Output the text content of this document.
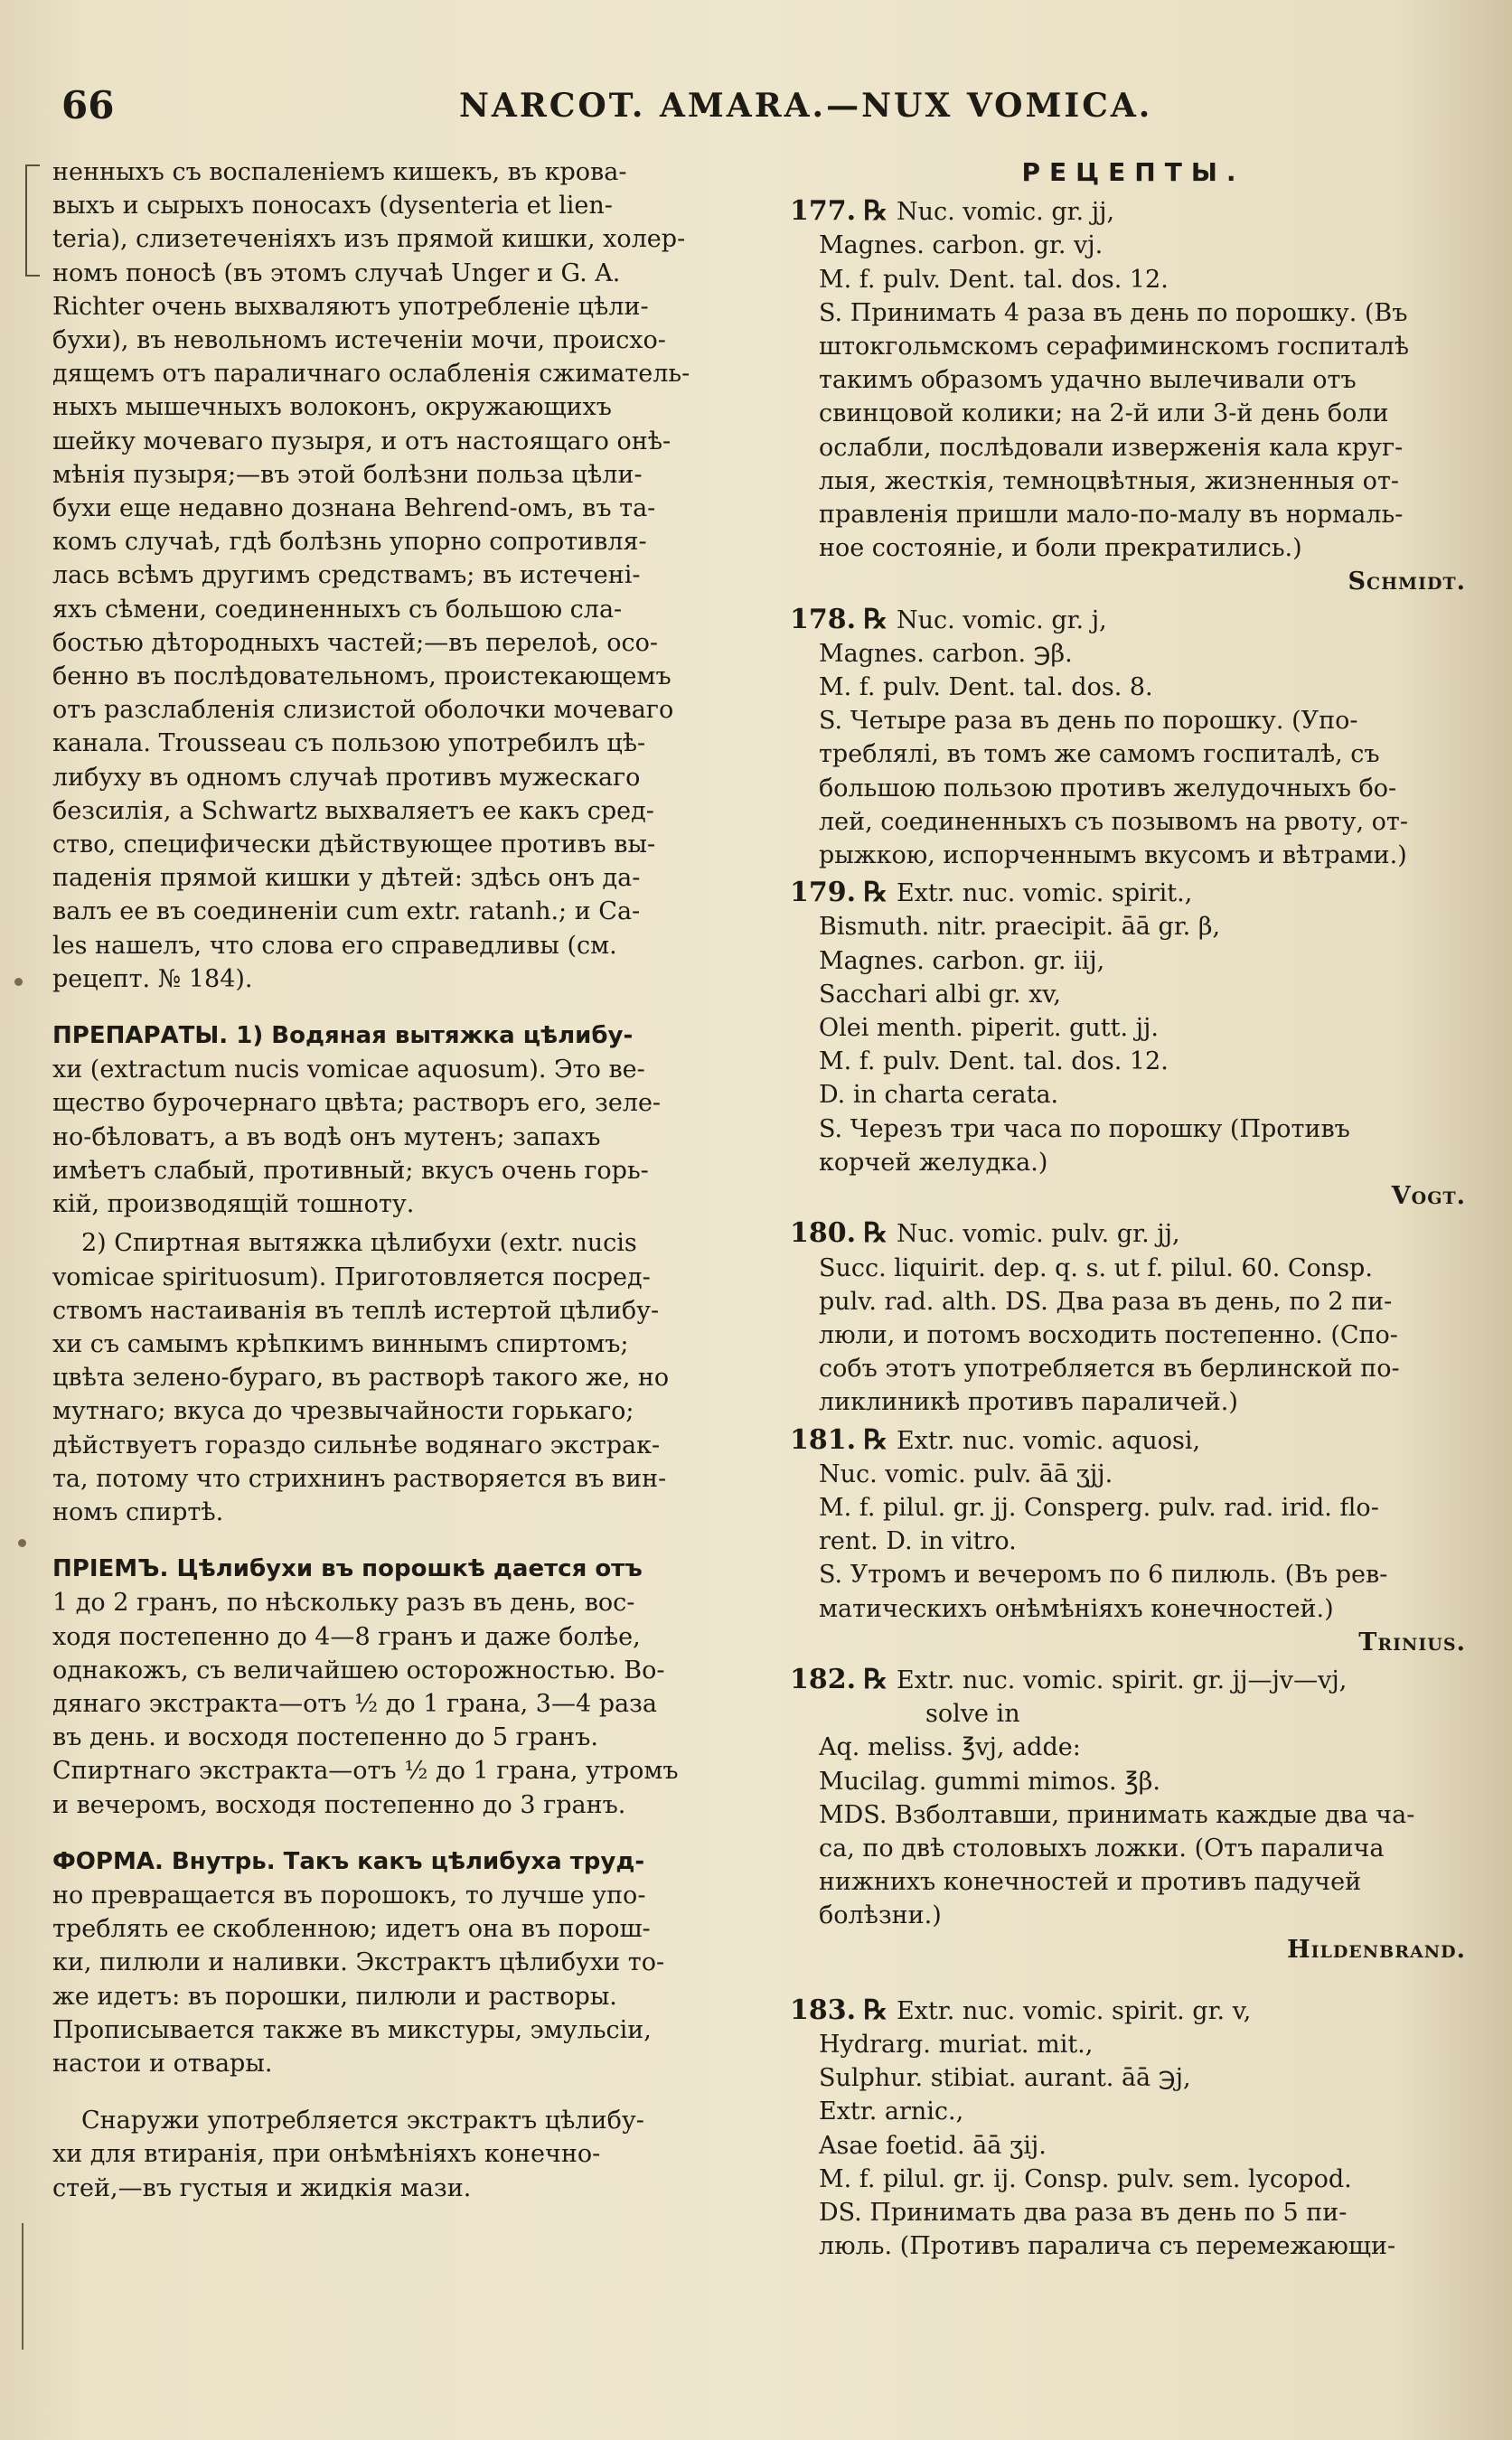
66	NARCOT. AMARA.—NUX VOMICA.
ненныхъ съ воспаленіемъ кишекъ, въ крова-
выхъ и сырыхъ поносахъ (dysenteria et lien-
teria), слизетеченіяхъ изъ прямой кишки, холер-
номъ поносѣ (въ этомъ случаѣ Unger и G. A.
Richter очень выхваляютъ употребленіе цѣли-
бухи), въ невольномъ истеченіи мочи, происхо-
дящемъ отъ параличнаго ослабленія сжиматель-
ныхъ мышечныхъ волоконъ, окружающихъ
шейку мочеваго пузыря, и отъ настоящаго онѣ-
мѣнія пузыря;—въ этой болѣзни польза цѣли-
бухи еще недавно дознана Behrend-омъ, въ та-
комъ случаѣ, гдѣ болѣзнь упорно сопротивля-
лась всѣмъ другимъ средствамъ; въ истечені-
яхъ сѣмени, соединенныхъ съ большою сла-
бостью дѣтородныхъ частей;—въ перелоѣ, осо-
бенно въ послѣдовательномъ, проистекающемъ
отъ разслабленія слизистой оболочки мочеваго
канала. Trousseau съ пользою употребилъ цѣ-
либуху въ одномъ случаѣ противъ мужескаго
безсилія, а Schwartz выхваляетъ ее какъ сред-
ство, специфически дѣйствующее противъ вы-
паденія прямой кишки у дѣтей: здѣсь онъ да-
валъ ее въ соединеніи cum extr. ratanh.; и Ca-
les нашелъ, что слова его справедливы (см.
рецепт. № 184).
ПРЕПАРАТЫ. 1) Водяная вытяжка цѣлибу-
хи (extractum nucis vomicae aquosum). Это ве-
щество бурочернаго цвѣта; растворъ его, зеле-
но-бѣловатъ, а въ водѣ онъ мутенъ; запахъ
имѣетъ слабый, противный; вкусъ очень горь-
кій, производящій тошноту.
2) Спиртная вытяжка цѣлибухи (extr. nucis
vomicae spirituosum). Приготовляется посред-
ствомъ настаиванія въ теплѣ истертой цѣлибу-
хи съ самымъ крѣпкимъ виннымъ спиртомъ;
цвѣта зелено-бураго, въ растворѣ такого же, но
мутнаго; вкуса до чрезвычайности горькаго;
дѣйствуетъ гораздо сильнѣе водянаго экстрак-
та, потому что стрихнинъ растворяется въ вин-
номъ спиртѣ.
ПРІЕМЪ. Цѣлибухи въ порошкѣ дается отъ
1 до 2 гранъ, по нѣскольку разъ въ день, вос-
ходя постепенно до 4—8 гранъ и даже болѣе,
однакожъ, съ величайшею осторожностью. Во-
дянаго экстракта—отъ ½ до 1 грана, 3—4 раза
въ день. и восходя постепенно до 5 гранъ.
Спиртнаго экстракта—отъ ½ до 1 грана, утромъ
и вечеромъ, восходя постепенно до 3 гранъ.
ФОРМА. Внутрь. Такъ какъ цѣлибуха труд-
но превращается въ порошокъ, то лучше упо-
треблять ее скобленною; идетъ она въ порош-
ки, пилюли и наливки. Экстрактъ цѣлибухи то-
же идетъ: въ порошки, пилюли и растворы.
Прописывается также въ микстуры, эмульсіи,
настои и отвары.
Снаружи употребляется экстрактъ цѣлибу-
хи для втиранія, при онѣмѣніяхъ конечно-
стей,—въ густыя и жидкія мази.
РЕЦЕПТЫ.
177. ℞ Nuc. vomic. gr. jj,
Magnes. carbon. gr. vj.
M. f. pulv. Dent. tal. dos. 12.
S. Принимать 4 раза въ день по порошку. (Въ
штокгольмскомъ серафиминскомъ госпиталѣ
такимъ образомъ удачно вылечивали отъ
свинцовой колики; на 2-й или 3-й день боли
ослабли, послѣдовали изверженія кала круг-
лыя, жесткія, темноцвѣтныя, жизненныя от-
правленія пришли мало-по-малу въ нормаль-
ное состояніе, и боли прекратились.)
Schmidt.
178. ℞ Nuc. vomic. gr. j,
Magnes. carbon. ℈β.
M. f. pulv. Dent. tal. dos. 8.
S. Четыре раза въ день по порошку. (Упо-
треблялі, въ томъ же самомъ госпиталѣ, съ
большою пользою противъ желудочныхъ бо-
лей, соединенныхъ съ позывомъ на рвоту, от-
рыжкою, испорченнымъ вкусомъ и вѣтрами.)
179. ℞ Extr. nuc. vomic. spirit.,
Bismuth. nitr. praecipit. āā gr. β,
Magnes. carbon. gr. iij,
Sacchari albi gr. xv,
Olei menth. piperit. gutt. jj.
M. f. pulv. Dent. tal. dos. 12.
D. in charta cerata.
S. Черезъ три часа по порошку (Противъ
корчей желудка.)
Vogt.
180. ℞ Nuc. vomic. pulv. gr. jj,
Succ. liquirit. dep. q. s. ut f. pilul. 60. Consp.
pulv. rad. alth. DS. Два раза въ день, по 2 пи-
люли, и потомъ восходить постепенно. (Спо-
собъ этотъ употребляется въ берлинской по-
ликлиникѣ противъ параличей.)
181. ℞ Extr. nuc. vomic. aquosi,
Nuc. vomic. pulv. āā ʒjj.
M. f. pilul. gr. jj. Consperg. pulv. rad. irid. flo-
rent. D. in vitro.
S. Утромъ и вечеромъ по 6 пилюль. (Въ рев-
матическихъ онѣмѣніяхъ конечностей.)
Trinius.
182. ℞ Extr. nuc. vomic. spirit. gr. jj—jv—vj,
solve in
Aq. meliss. ℥vj, adde:
Mucilag. gummi mimos. ℥β.
MDS. Взболтавши, принимать каждые два ча-
са, по двѣ столовыхъ ложки. (Отъ паралича
нижнихъ конечностей и противъ падучей
болѣзни.)
Hildenbrand.
183. ℞ Extr. nuc. vomic. spirit. gr. v,
Hydrarg. muriat. mit.,
Sulphur. stibiat. aurant. āā ℈j,
Extr. arnic.,
Asae foetid. āā ʒij.
M. f. pilul. gr. ij. Consp. pulv. sem. lycopod.
DS. Принимать два раза въ день по 5 пи-
люль. (Противъ паралича съ перемежающи-
